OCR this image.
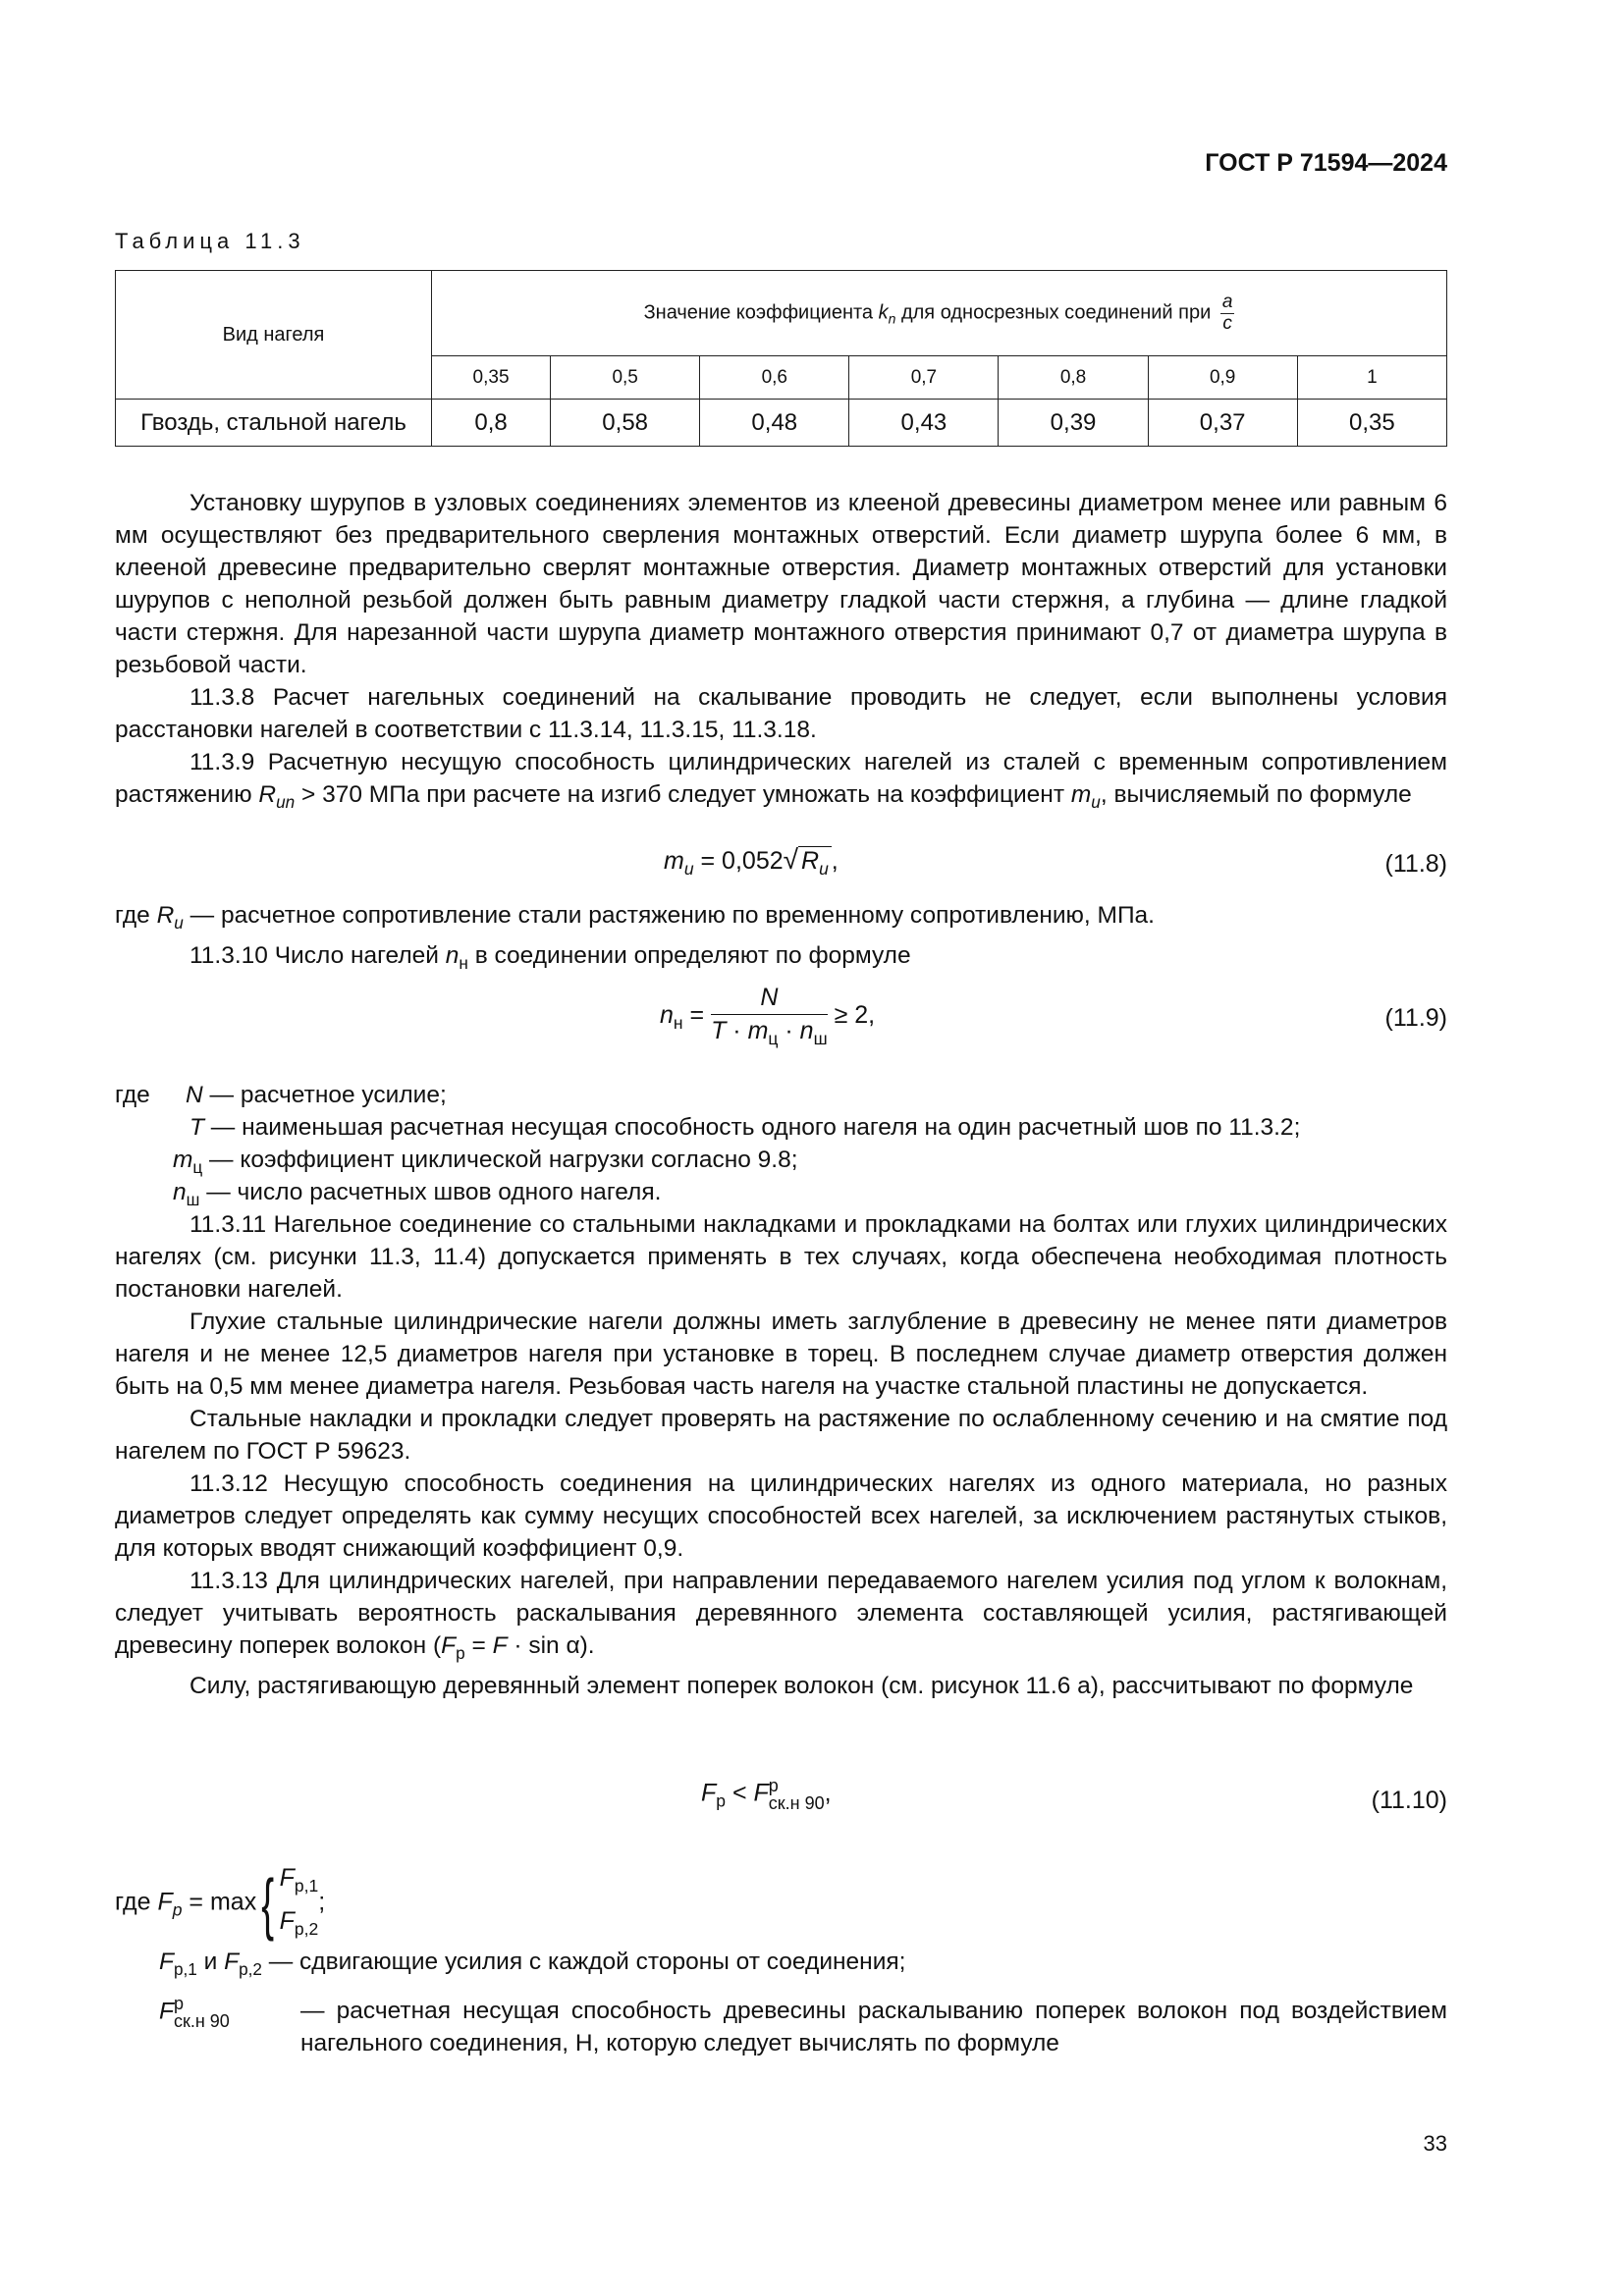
ГОСТ Р 71594—2024
Таблица 11.3
Вид нагеля	Значение коэффициента $k_n$ для односрезных соединений при $\frac{a}{c}$

	0,35	0,5	0,6	0,7	0,8	0,9	1
Гвоздь, стальной нагель	0,8	0,58	0,48	0,43	0,39	0,37	0,35

Установку шурупов в узловых соединениях элементов из клееной древесины диаметром менее или равным 6 мм осуществляют без предварительного сверления монтажных отверстий. Если диаметр шурупа более 6 мм, в клееной древесине предварительно сверлят монтажные отверстия. Диаметр монтажных отверстий для установки шурупов с неполной резьбой должен быть равным диаметру гладкой части стержня, а глубина — длине гладкой части стержня. Для нарезанной части шурупа диаметр монтажного отверстия принимают 0,7 от диаметра шурупа в резьбовой части.

11.3.8 Расчет нагельных соединений на скалывание проводить не следует, если выполнены условия расстановки нагелей в соответствии с 11.3.14, 11.3.15, 11.3.18.

11.3.9 Расчетную несущую способность цилиндрических нагелей из сталей с временным сопротивлением растяжению $R_{un} > 370$ МПа при расчете на изгиб следует умножать на коэффициент $m_и$, вычисляемый по формуле

$m_и = 0,052√$ $R_u$ ,	(11.8)

где $R_u$ — расчетное сопротивление стали растяжению по временному сопротивлению, МПа.

11.3.10 Число нагелей $n_н$ в соединении определяют по формуле

$n_н$ =
N
$T \cdot m_ц \cdot n_ш$
≥ 2,	(11.9)
где N — расчетное усилие;
T — наименьшая расчетная несущая способность одного нагеля на один расчетный шов по 11.3.2;
$m_ц$ — коэффициент циклической нагрузки согласно 9.8;
$n_ш$ — число расчетных швов одного нагеля.

11.3.11 Нагельное соединение со стальными накладками и прокладками на болтах или глухих цилиндрических нагелях (см. рисунки 11.3, 11.4) допускается применять в тех случаях, когда обеспечена необходимая плотность постановки нагелей.

Глухие стальные цилиндрические нагели должны иметь заглубление в древесину не менее пяти диаметров нагеля и не менее 12,5 диаметров нагеля при установке в торец. В последнем случае диаметр отверстия должен быть на 0,5 мм менее диаметра нагеля. Резьбовая часть нагеля на участке стальной пластины не допускается.

Стальные накладки и прокладки следует проверять на растяжение по ослабленному сечению и на смятие под нагелем по ГОСТ Р 59623.

11.3.12 Несущую способность соединения на цилиндрических нагелях из одного материала, но разных диаметров следует определять как сумму несущих способностей всех нагелей, за исключением растянутых стыков, для которых вводят снижающий коэффициент 0,9.

11.3.13 Для цилиндрических нагелей, при направлении передаваемого нагелем усилия под углом к волокнам, следует учитывать вероятность раскалывания деревянного элемента составляющей усилия, растягивающей древесину поперек волокон $(F_р = F \cdot \sin \alpha)$.

Силу, растягивающую деревянный элемент поперек волокон (см. рисунок 11.6 а), рассчитывают по формуле

$F_р < F$ р
ск.н 90 ,	(11.10)
где $F_p = \max${ $F_{р,1}$
$F_{р,2}$
;
$F_{р,1}$ и $F_{р,2}$ — сдвигающие усилия с каждой стороны от соединения;
F р
ск.н 90	— расчетная несущая способность древесины раскалыванию поперек волокон под воздействием нагельного соединения, Н, которую следует вычислять по формуле
33
